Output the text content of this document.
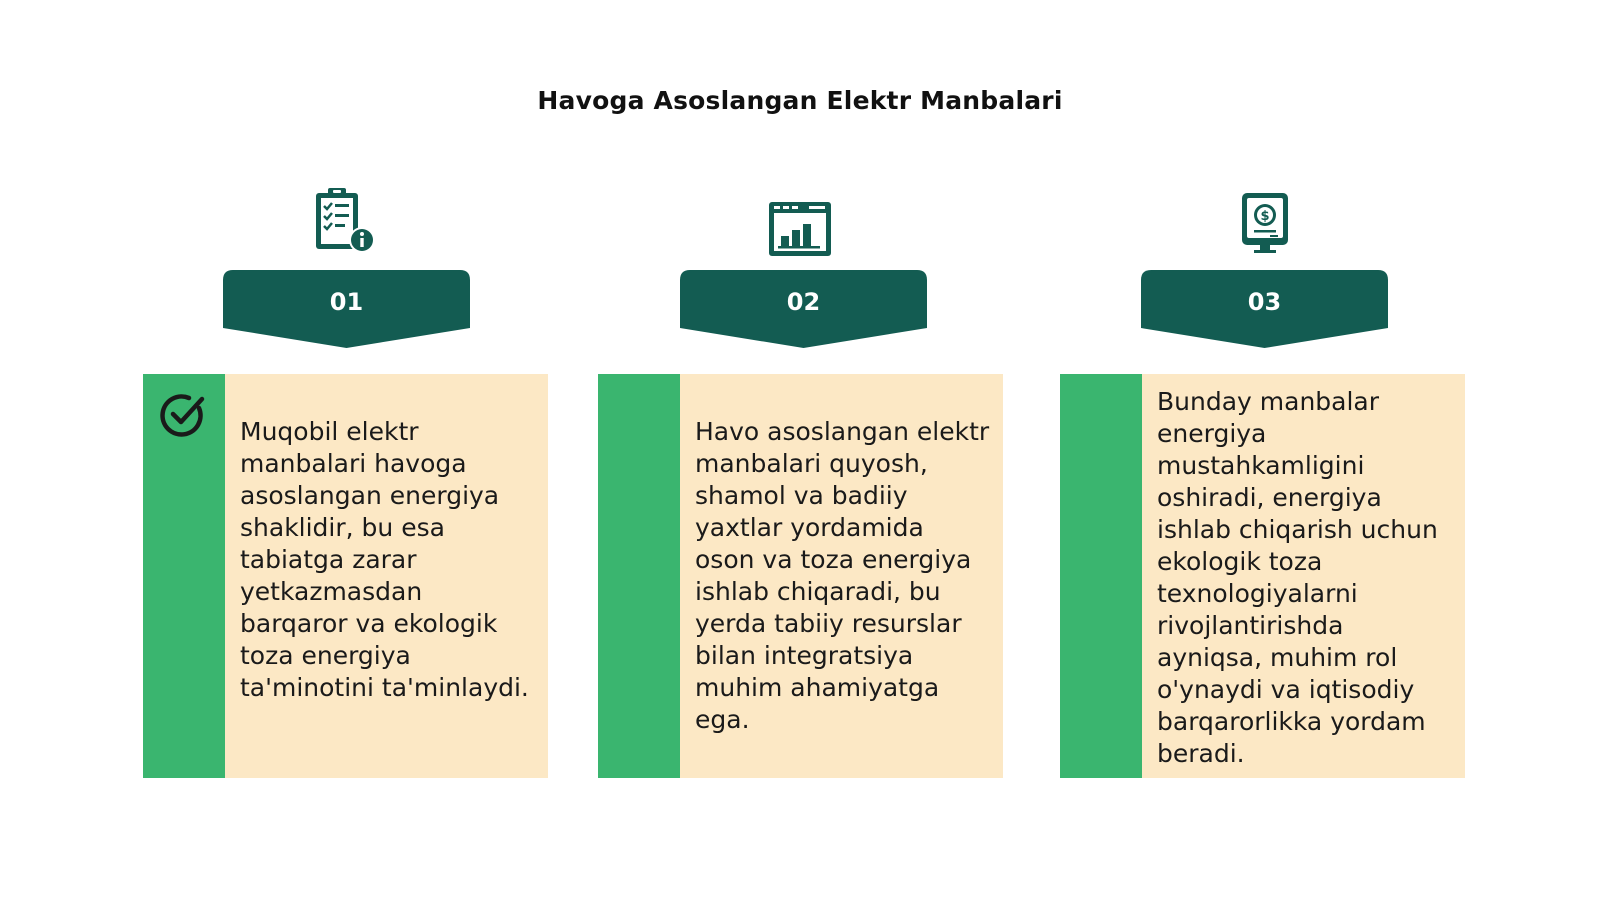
Havoga Asoslangan Elektr Manbalari
01
Muqobil elektr manbalari havoga asoslangan energiya shaklidir, bu esa tabiatga zarar yetkazmasdan barqaror va ekologik toza energiya ta'minotini ta'minlaydi.
02
Havo asoslangan elektr manbalari quyosh, shamol va badiiy yaxtlar yordamida oson va toza energiya ishlab chiqaradi, bu yerda tabiiy resurslar bilan integratsiya muhim ahamiyatga ega.
$
03
Bunday manbalar energiya mustahkamligini oshiradi, energiya ishlab chiqarish uchun ekologik toza texnologiyalarni rivojlantirishda ayniqsa, muhim rol o'ynaydi va iqtisodiy barqarorlikka yordam beradi.
